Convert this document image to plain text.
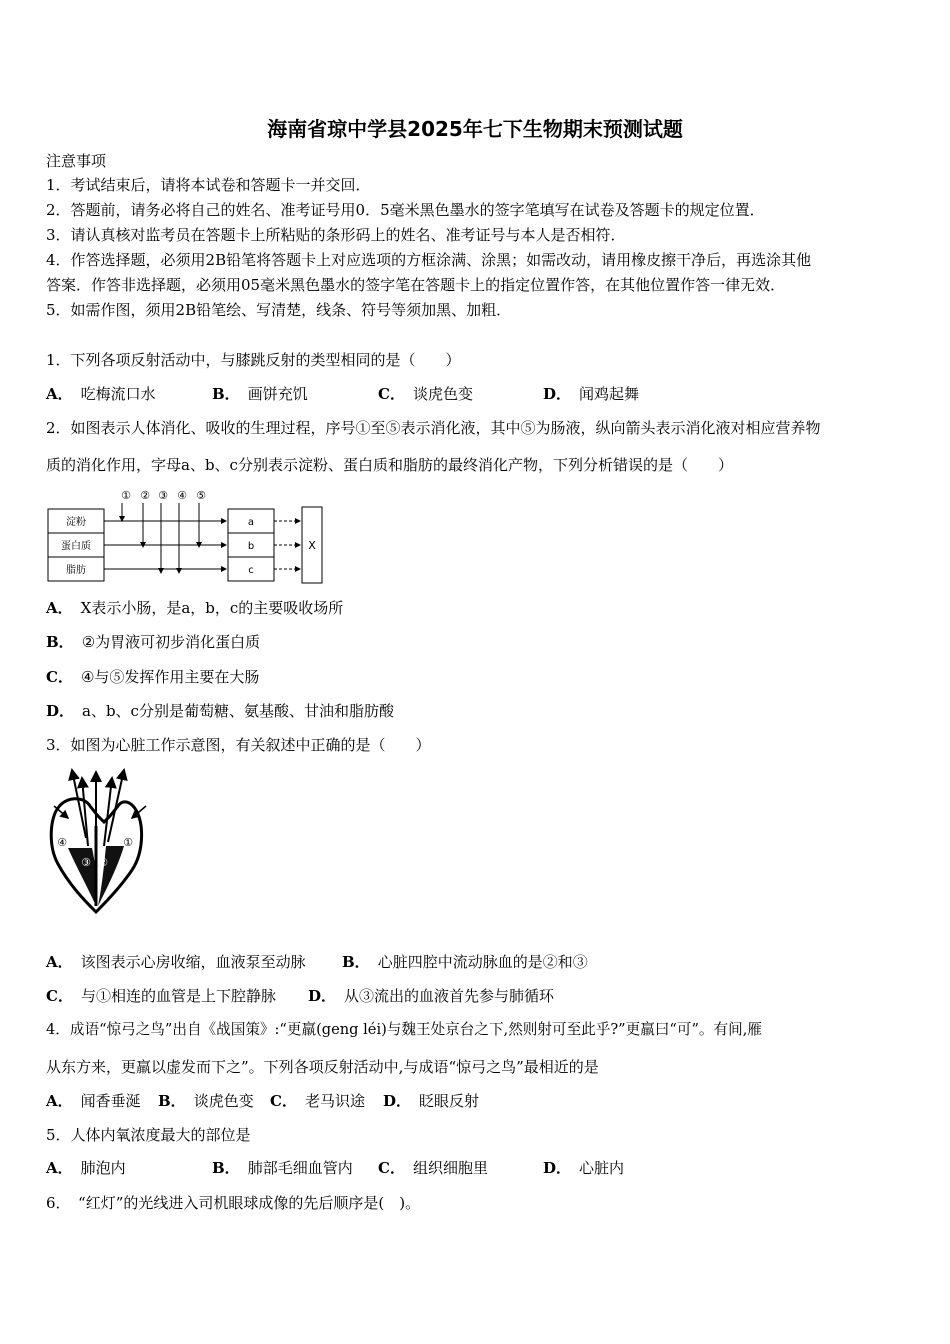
海南省琼中学县2025年七下生物期末预测试题
注意事项
1．考试结束后，请将本试卷和答题卡一并交回．
2．答题前，请务必将自己的姓名、准考证号用0．5毫米黑色墨水的签字笔填写在试卷及答题卡的规定位置．
3．请认真核对监考员在答题卡上所粘贴的条形码上的姓名、准考证号与本人是否相符．
4．作答选择题，必须用2B铅笔将答题卡上对应选项的方框涂满、涂黑；如需改动，请用橡皮擦干净后，再选涂其他
答案．作答非选择题，必须用05毫米黑色墨水的签字笔在答题卡上的指定位置作答，在其他位置作答一律无效．
5．如需作图，须用2B铅笔绘、写清楚，线条、符号等须加黑、加粗．
1．下列各项反射活动中，与膝跳反射的类型相同的是（　　）
A． 吃梅流口水	B． 画饼充饥	C． 谈虎色变	D． 闻鸡起舞
2．如图表示人体消化、吸收的生理过程，序号①至⑤表示消化液，其中⑤为肠液，纵向箭头表示消化液对相应营养物
质的消化作用，字母a、b、c分别表示淀粉、蛋白质和脂肪的最终消化产物，下列分析错误的是（　　）
① ② ③ ④ ⑤
淀粉
蛋白质
脂肪
a
b
c
X
A． X表示小肠，是a，b，c的主要吸收场所
B． ②为胃液可初步消化蛋白质
C． ④与⑤发挥作用主要在大肠
D． a、b、c分别是葡萄糖、氨基酸、甘油和脂肪酸
3．如图为心脏工作示意图，有关叙述中正确的是（　　）
④	①
③ ②
A． 该图表示心房收缩，血液泵至动脉 B． 心脏四腔中流动脉血的是②和③
C． 与①相连的血管是上下腔静脉 D． 从③流出的血液首先参与肺循环
4．成语“惊弓之鸟”出自《战国策》:“更羸(geng léi)与魏王处京台之下,然则射可至此乎?”更羸曰“可”。有间,雁
从东方来，更羸以虚发而下之”。下列各项反射活动中,与成语“惊弓之鸟”最相近的是
A． 闻香垂涎 B． 谈虎色变 C． 老马识途 D． 眨眼反射
5．人体内氧浓度最大的部位是
A． 肺泡内	B． 肺部毛细血管内 C． 组织细胞里	D． 心脏内
6．　“红灯”的光线进入司机眼球成像的先后顺序是(　)。
